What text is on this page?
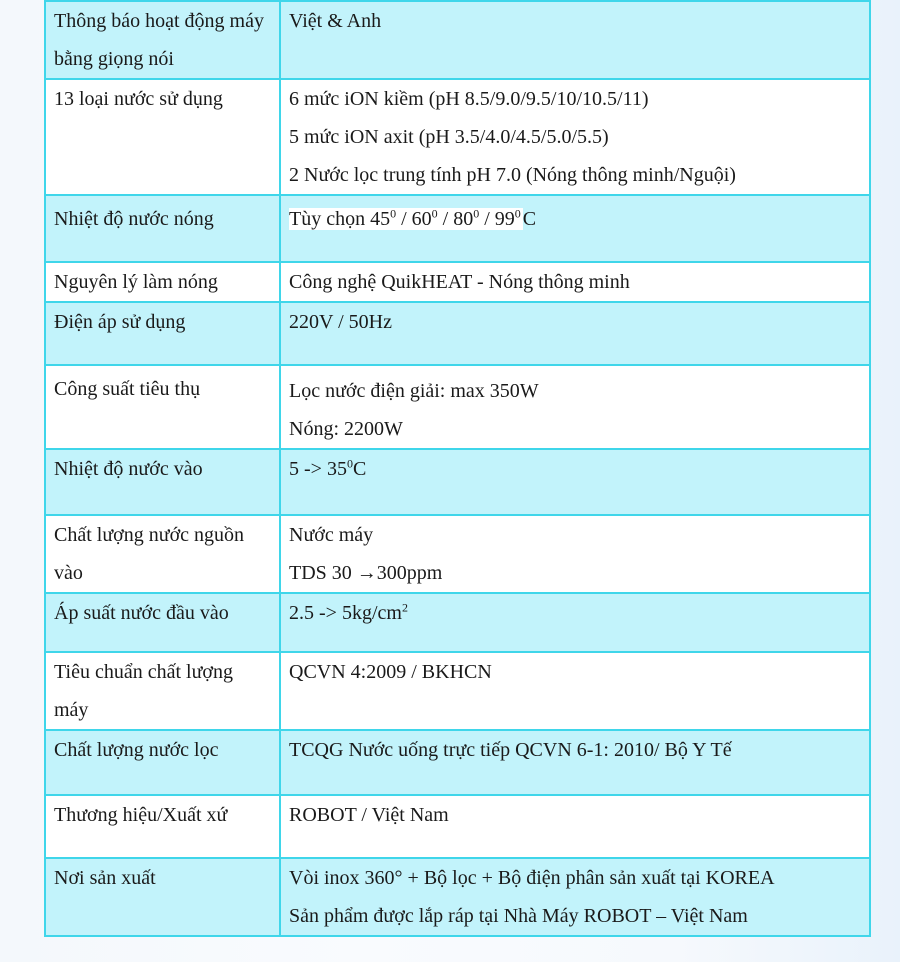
Thông báo hoạt động máy bằng giọng nói	Việt & Anh

13 loại nước sử dụng	6 mức iON kiềm (pH 8.5/9.0/9.5/10/10.5/11)
5 mức iON axit (pH 3.5/4.0/4.5/5.0/5.5)
2 Nước lọc trung tính pH 7.0 (Nóng thông minh/Nguội)

Nhiệt độ nước nóng	Tùy chọn $45^0 / 60^0 / 80^0 / 99^0$ C
Nguyên lý làm nóng	Công nghệ QuikHEAT - Nóng thông minh

Điện áp sử dụng	220V / 50Hz

Công suất tiêu thụ	Lọc nước điện giải: max 350W
Nóng: 2200W

Nhiệt độ nước vào	$5 -> 35^0C$
Chất lượng nước nguồn vào	Nước máy
TDS 30 →300ppm

Áp suất nước đầu vào	$2.5 -> 5kg/cm^2$
Tiêu chuẩn chất lượng máy	QCVN 4:2009 / BKHCN

Chất lượng nước lọc	TCQG Nước uống trực tiếp QCVN 6-1: 2010/ Bộ Y Tế

Thương hiệu/Xuất xứ	ROBOT / Việt Nam

Nơi sản xuất	Vòi inox 360° + Bộ lọc + Bộ điện phân sản xuất tại KOREA
Sản phẩm được lắp ráp tại Nhà Máy ROBOT – Việt Nam
